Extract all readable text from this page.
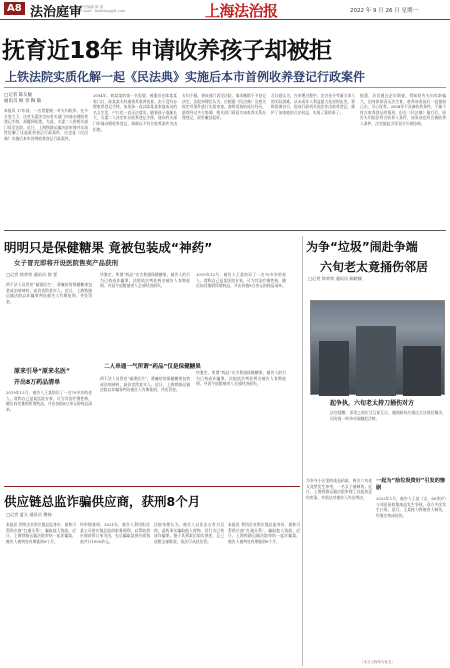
A8 法治庭审
责任编辑 陈 豪
E-mail：fazhiting@ft.com	上海法治报	2022 年 9 月 26 日 星期一
抚育近18年 申请收养孩子却被拒
上铁法院实质化解一起《民法典》实施后本市首例收养登记行政案件
□记者 陈友敏
通讯员 顾 青 陶 敏
本报讯 17年前，一名男婴被一对夫妇收养。在多方努力下，这对夫妻决定向有关部门申请办理收养登记手续，却遭到拒绝。为此，夫妻二人将相关部门诉至法院。近日，上海铁路运输法院审理并实质性化解了这起收养登记行政案件，这也是《民法典》实施后本市首例收养登记行政案件。
2004年，陈某某的第一名男婴，被遗弃在陈某某家门口，陈某某夫妇遂将其收养抚育。由于没有办理收养登记手续，该男孩一直以陈某某家庭成员的名义生活，户口也一直无法落实。随着孩子逐渐长大，夫妻二人决定补办收养登记手续，遂向有关部门申请办理收养登记，却被以不符合收养条件为由拒绝。
夫妇不服，将该部门诉至法院，请求撤销不予登记决定。法院审理后认为，应根据《民法典》及相关规定对案件进行实质审查，查明男孩的成长经历，最终经过多方协调，相关部门同意为该收养关系办理登记，原告撤回起诉。
合议庭认为，在审理过程中，法官充分考量当事人的实际困难，从未成年人利益最大化原则出发，积极协调各方，促成行政机关依法作出收养登记，维护了该家庭的合法权益，实现了案结事了。
据悉，法官通过走访调查，得知原告夫妇年龄偏大，因身体原因无法生育，收养该男孩后一直视如己出，尽心抚养。2004年不具备收养条件，不属于符合收养登记的情形，但在《民法典》施行后，原告夫妇依法符合收养人条件，该男孩也符合被收养人条件，法官据此引导双方开展协商。
明明只是保健糖果 竟被包装成“神药”
女子冒充即将开设医院售卖产品获刑
□记者 徐荣荣 通讯员 徐 雯
两不法人员冒充“福建医生”，将廉价的保健糖果包装成治病神药，高价卖给老年人。近日，上海铁路运输法院以诈骗罪判处被告人有期徒刑，并处罚金。
原来引导“原来名医”
开出8万药品清单
2019年12月，被告人王某结识了一名70多岁的老人，谎称自己是某医院专家，可为其治疗慢性病，随后向其推销所谓药品，开出价值8万余元的药品清单。
经鉴定，所谓“药品”实为普通保健糖果，被告人的行为已构成诈骗罪。法院依法判处两名被告人有期徒刑，并责令退赔被害人全部经济损失。
二人串通一气所谓“药品”仅是保健糖果
两不法人员冒充“福建医生”，将廉价的保健糖果包装成治病神药，高价卖给老年人。近日，上海铁路运输法院以诈骗罪判处被告人有期徒刑，并处罚金。
2019年12月，被告人王某结识了一名70多岁的老人，谎称自己是某医院专家，可为其治疗慢性病，随后向其推销所谓药品，开出价值8万余元的药品清单。
经鉴定，所谓“药品”实为普通保健糖果，被告人的行为已构成诈骗罪。法院依法判处两名被告人有期徒刑，并责令退赔被害人全部经济损失。
为争“垃圾”闹赴争端
六旬老太竟捅伤邻居
□记者 徐荣荣 通讯员 顾晓颖
起争执，六旬老太持刀捅伤对方
法官提醒：邻里之间应当互谅互让，遇到纠纷应通过合法途径解决，切勿因一时冲动而触犯法律。
为争夺小区里的废品拾取，两名六旬老太竟然发生冲突，一名女子被刺伤。近日，上海铁路运输法院审理了这起故意伤害案，并依法对被告人作出判决。
一起为“拾垃圾资好”引发的惨剧
2022年1月，被告人王某（女，60余岁）与邻居因收集废品发生争执，双方多次发生口角。某日，王某持刀将被害人刺伤，经鉴定构成轻伤。
供应链总监诈骗供应商，获刑8个月
□记者 夏天 通讯员 傅扬
本报讯 利用企业供应链总监身份，谎称可帮供应商“打通关系”，骗取他人钱款。近日，上海铁路运输法院审结一起诈骗案，被告人被判处有期徒刑8个月。
经审理查明，2021年，被告人利用担任某公司供应链总监的职务便利，以帮助供应商获得订单为由，先后骗取某供应商钱款共计1000余元。
法院审理认为，被告人以非法占有为目的，虚构事实骗取他人财物，其行为已构成诈骗罪。鉴于其到案后如实供述，且已退赔全部赃款，依法可从轻处罚。
本报讯 利用企业供应链总监身份，谎称可帮供应商“打通关系”，骗取他人钱款。近日，上海铁路运输法院审结一起诈骗案，被告人被判处有期徒刑8个月。
（本文人物均为化名）
